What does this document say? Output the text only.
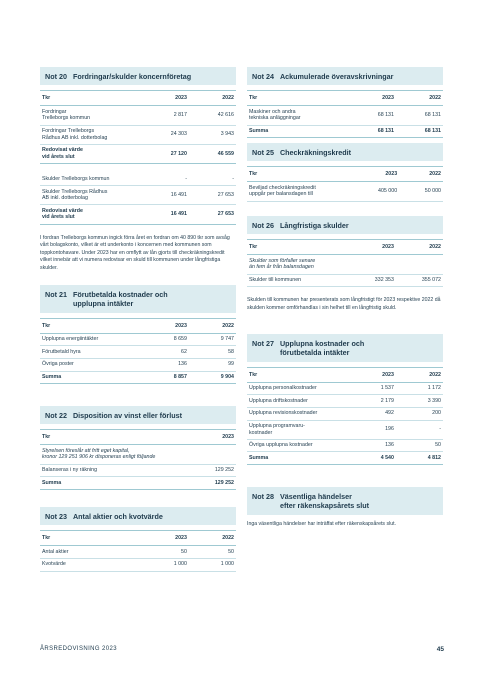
Not 20 Fordringar/skulder koncernföretag
Tkr	2023	2022
Fordringar
Trelleborgs kommun	2 817	42 616
Fordringar Trelleborgs
Rådhus AB inkl. dotterbolag	24 303	3 943
Redovisat värde
vid årets slut	27 120	46 559

Skulder Trelleborgs kommun	-	-
Skulder Trelleborgs Rådhus
AB inkl. dotterbolag	16 491	27 653
Redovisat värde
vid årets slut	16 491	27 653

I fordran Trelleborgs kommun ingick förra året en fordran om 40 890 tkr som avsåg vårt bolagskonto, vilket är ett underkonto i koncernen med kommunen som toppkontohavare. Under 2023 har en omflytt av lån gjorts till checkräkningskredit vilket innebär att vi numera redovisar en skuld till kommunen under långfristiga skulder.

Not 21 Förutbetalda kostnader och
upplupna intäkter
Tkr	2023	2022
Upplupna energiintäkter	8 659	9 747
Förutbetald hyra	62	58
Övriga poster	136	99
Summa	8 857	9 904
Not 22 Disposition av vinst eller förlust
Tkr	2023
Styrelsen föreslår att fritt eget kapital,
kronor 129 251 906 kr disponeras enligt följande	
Balanseras i ny räkning	129 252
Summa	129 252
Not 23 Antal aktier och kvotvärde
Tkr	2023	2022
Antal aktier	50	50
Kvotvärde	1 000	1 000
Not 24 Ackumulerade överavskrivningar
Tkr	2023	2022
Maskiner och andra
tekniska anläggningar	68 131	68 131
Summa	68 131	68 131
Not 25 Checkräkningskredit
Tkr	2023	2022
Beviljad checkräkningskredit
uppgår per balansdagen till	405 000	50 000
Not 26 Långfristiga skulder
Tkr	2023	2022
Skulder som förfaller senare
än fem år från balansdagen		
Skulder till kommunen	332 353	355 072

Skulden till kommunen har presenterats som långfristigt för 2023 respektive 2022 då skulden kommer omförhandlas i sin helhet till en långfristig skuld.

Not 27 Upplupna kostnader och
förutbetalda intäkter
Tkr	2023	2022
Upplupna personalkostnader	1 537	1 172
Upplupna driftskostnader	2 179	3 390
Upplupna revisionskostnader	492	200
Upplupna programvaru-
kostnader	196	-
Övriga upplupna kostnader	136	50
Summa	4 540	4 812
Not 28 Väsentliga händelser
efter räkenskapsårets slut

Inga väsentliga händelser har inträffat efter räkenskapsårets slut.

ÅRSREDOVISNING 2023	45
